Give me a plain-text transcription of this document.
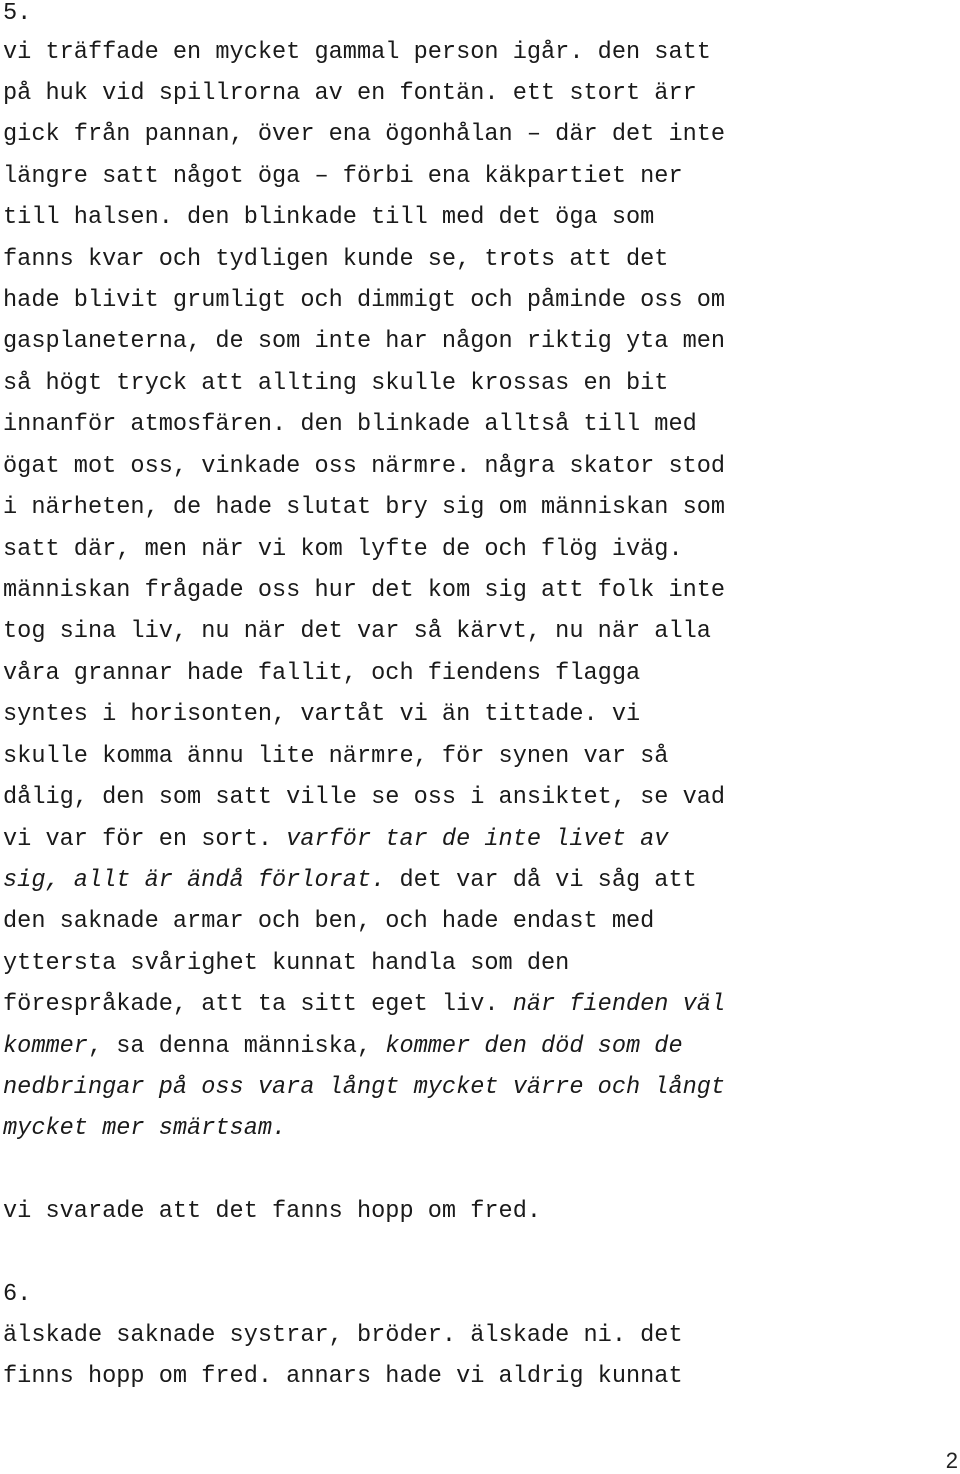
5.
vi träffade en mycket gammal person igår. den satt
på huk vid spillrorna av en fontän. ett stort ärr
gick från pannan, över ena ögonhålan – där det inte
längre satt något öga – förbi ena käkpartiet ner
till halsen. den blinkade till med det öga som
fanns kvar och tydligen kunde se, trots att det
hade blivit grumligt och dimmigt och påminde oss om
gasplaneterna, de som inte har någon riktig yta men
så högt tryck att allting skulle krossas en bit
innanför atmosfären. den blinkade alltså till med
ögat mot oss, vinkade oss närmre. några skator stod
i närheten, de hade slutat bry sig om människan som
satt där, men när vi kom lyfte de och flög iväg.
människan frågade oss hur det kom sig att folk inte
tog sina liv, nu när det var så kärvt, nu när alla
våra grannar hade fallit, och fiendens flagga
syntes i horisonten, vartåt vi än tittade. vi
skulle komma ännu lite närmre, för synen var så
dålig, den som satt ville se oss i ansiktet, se vad
vi var för en sort. varför tar de inte livet av
sig, allt är ändå förlorat. det var då vi såg att
den saknade armar och ben, och hade endast med
yttersta svårighet kunnat handla som den
förespråkade, att ta sitt eget liv. när fienden väl
kommer, sa denna människa, kommer den död som de
nedbringar på oss vara långt mycket värre och långt
mycket mer smärtsam.
vi svarade att det fanns hopp om fred.
6.
älskade saknade systrar, bröder. älskade ni. det
finns hopp om fred. annars hade vi aldrig kunnat
2
